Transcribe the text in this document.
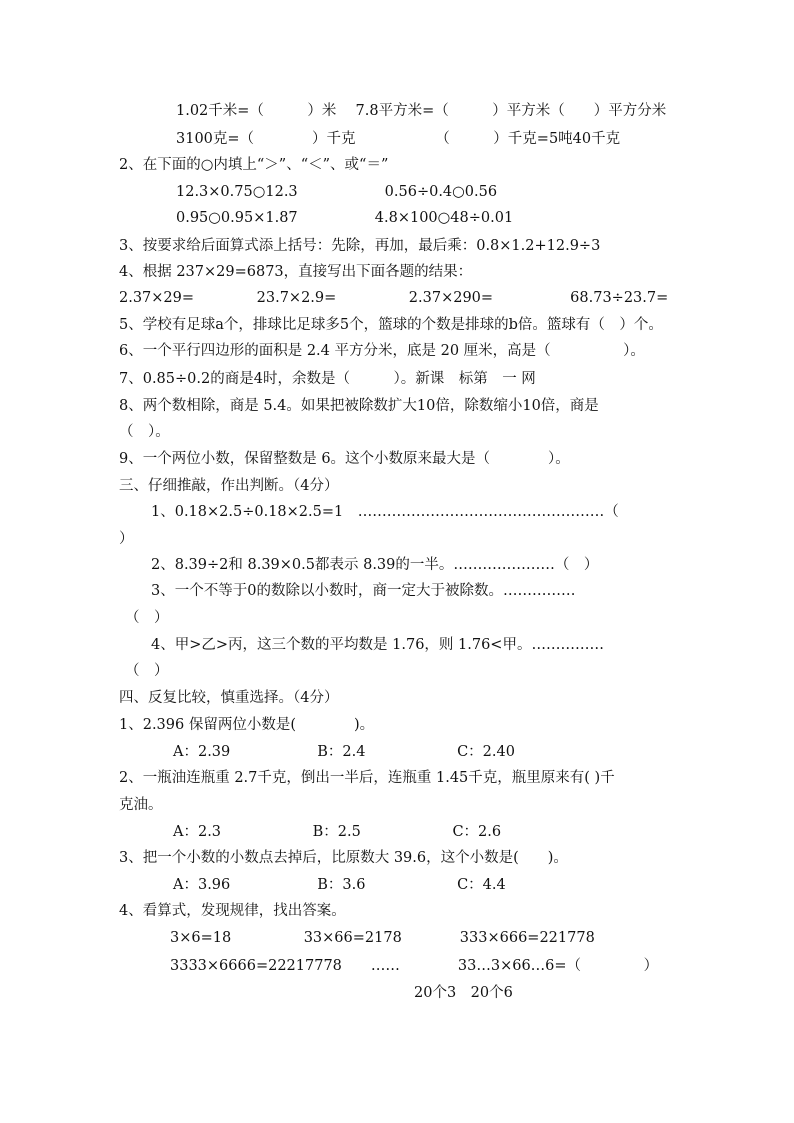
1.02千米=（　　　）米　 7.8平方米=（　　　）平方米（　　）平方分米
3100克=（　　　　）千克　　　　　　（　　　）千克=5吨40千克
2、在下面的○内填上“＞”、“＜”、或“＝”
12.3×0.75○12.3　　　　　　0.56÷0.4○0.56
0.95○0.95×1.87　　　　　 4.8×100○48÷0.01
3、按要求给后面算式添上括号：先除，再加，最后乘：0.8×1.2+12.9÷3
4、根据 237×29=6873，直接写出下面各题的结果：
2.37×29=　　　　 23.7×2.9=　　　　　2.37×290=　　　　　 68.73÷23.7=
5、学校有足球a个，排球比足球多5个，篮球的个数是排球的b倍。篮球有（　）个。
6、一个平行四边形的面积是 2.4 平方分米，底是 20 厘米，高是（　　　　　）。
7、0.85÷0.2的商是4时，余数是（　　　）。新课　标第　一 网
8、两个数相除，商是 5.4。如果把被除数扩大10倍，除数缩小10倍，商是
（　）。
9、一个两位小数，保留整数是 6。这个小数原来最大是（　　　　）。
三、仔细推敲，作出判断。（4分）
1、0.18×2.5÷0.18×2.5=1　……………………………………………（
）
2、8.39÷2和 8.39×0.5都表示 8.39的一半。…………………（　）
3、一个不等于0的数除以小数时，商一定大于被除数。……………
（　）
4、甲>乙>丙，这三个数的平均数是 1.76，则 1.76<甲。……………
（　）
四、反复比较，慎重选择。（4分）
1、2.396 保留两位小数是(　　　　)。
A：2.39　　　　　　B：2.4　　　　　　 C：2.40
2、一瓶油连瓶重 2.7千克，倒出一半后，连瓶重 1.45千克，瓶里原来有( )千
克油。
A：2.3　　　　　　 B：2.5　　　　　　 C：2.6
3、把一个小数的小数点去掉后，比原数大 39.6，这个小数是(　　)。
A：3.96　　　　　　B：3.6　　　　　　 C：4.4
4、看算式，发现规律，找出答案。
3×6=18　　　　　33×66=2178　　　　333×666=221778
3333×6666=22217778　　……　　　　33…3×66…6=（　　　　 ）
20个3　20个6
